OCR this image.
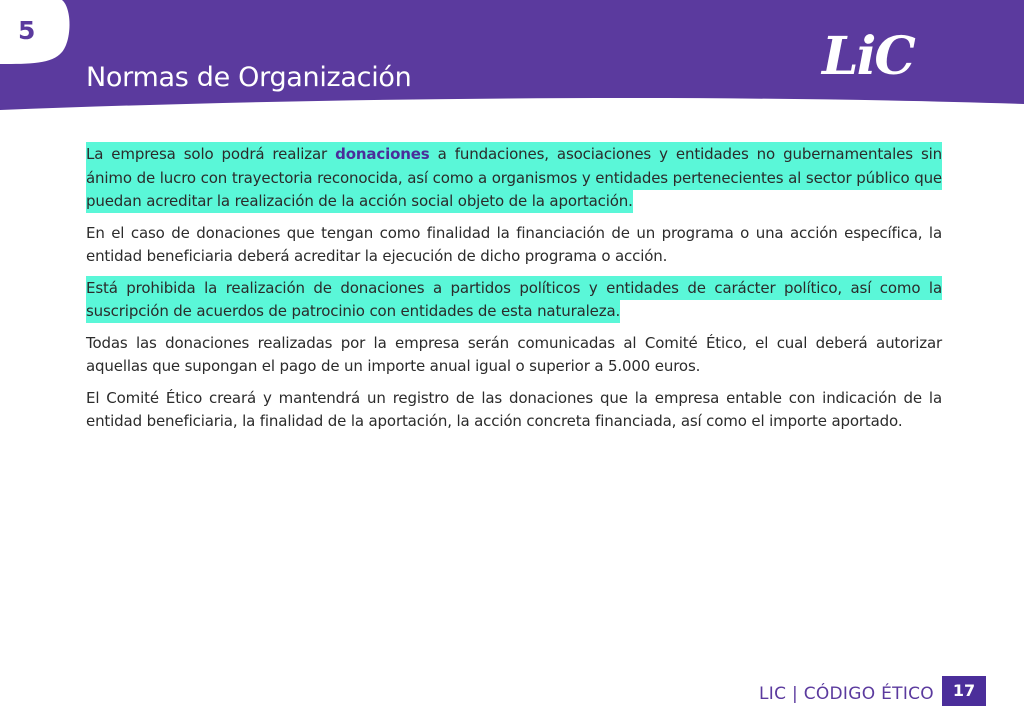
5
Normas de Organización	LiC

La empresa solo podrá realizar donaciones a fundaciones, asociaciones y entidades no gubernamentales sin ánimo de lucro con trayectoria reconocida, así como a organismos y entidades pertenecientes al sector público que puedan acreditar la realización de la acción social objeto de la aportación.

En el caso de donaciones que tengan como finalidad la financiación de un programa o una acción específica, la entidad beneficiaria deberá acreditar la ejecución de dicho programa o acción.

Está prohibida la realización de donaciones a partidos políticos y entidades de carácter político, así como la suscripción de acuerdos de patrocinio con entidades de esta naturaleza.

Todas las donaciones realizadas por la empresa serán comunicadas al Comité Ético, el cual deberá autorizar aquellas que supongan el pago de un importe anual igual o superior a 5.000 euros.

El Comité Ético creará y mantendrá un registro de las donaciones que la empresa entable con indicación de la entidad beneficiaria, la finalidad de la aportación, la acción concreta financiada, así como el importe aportado.

LIC | CÓDIGO ÉTICO	17
